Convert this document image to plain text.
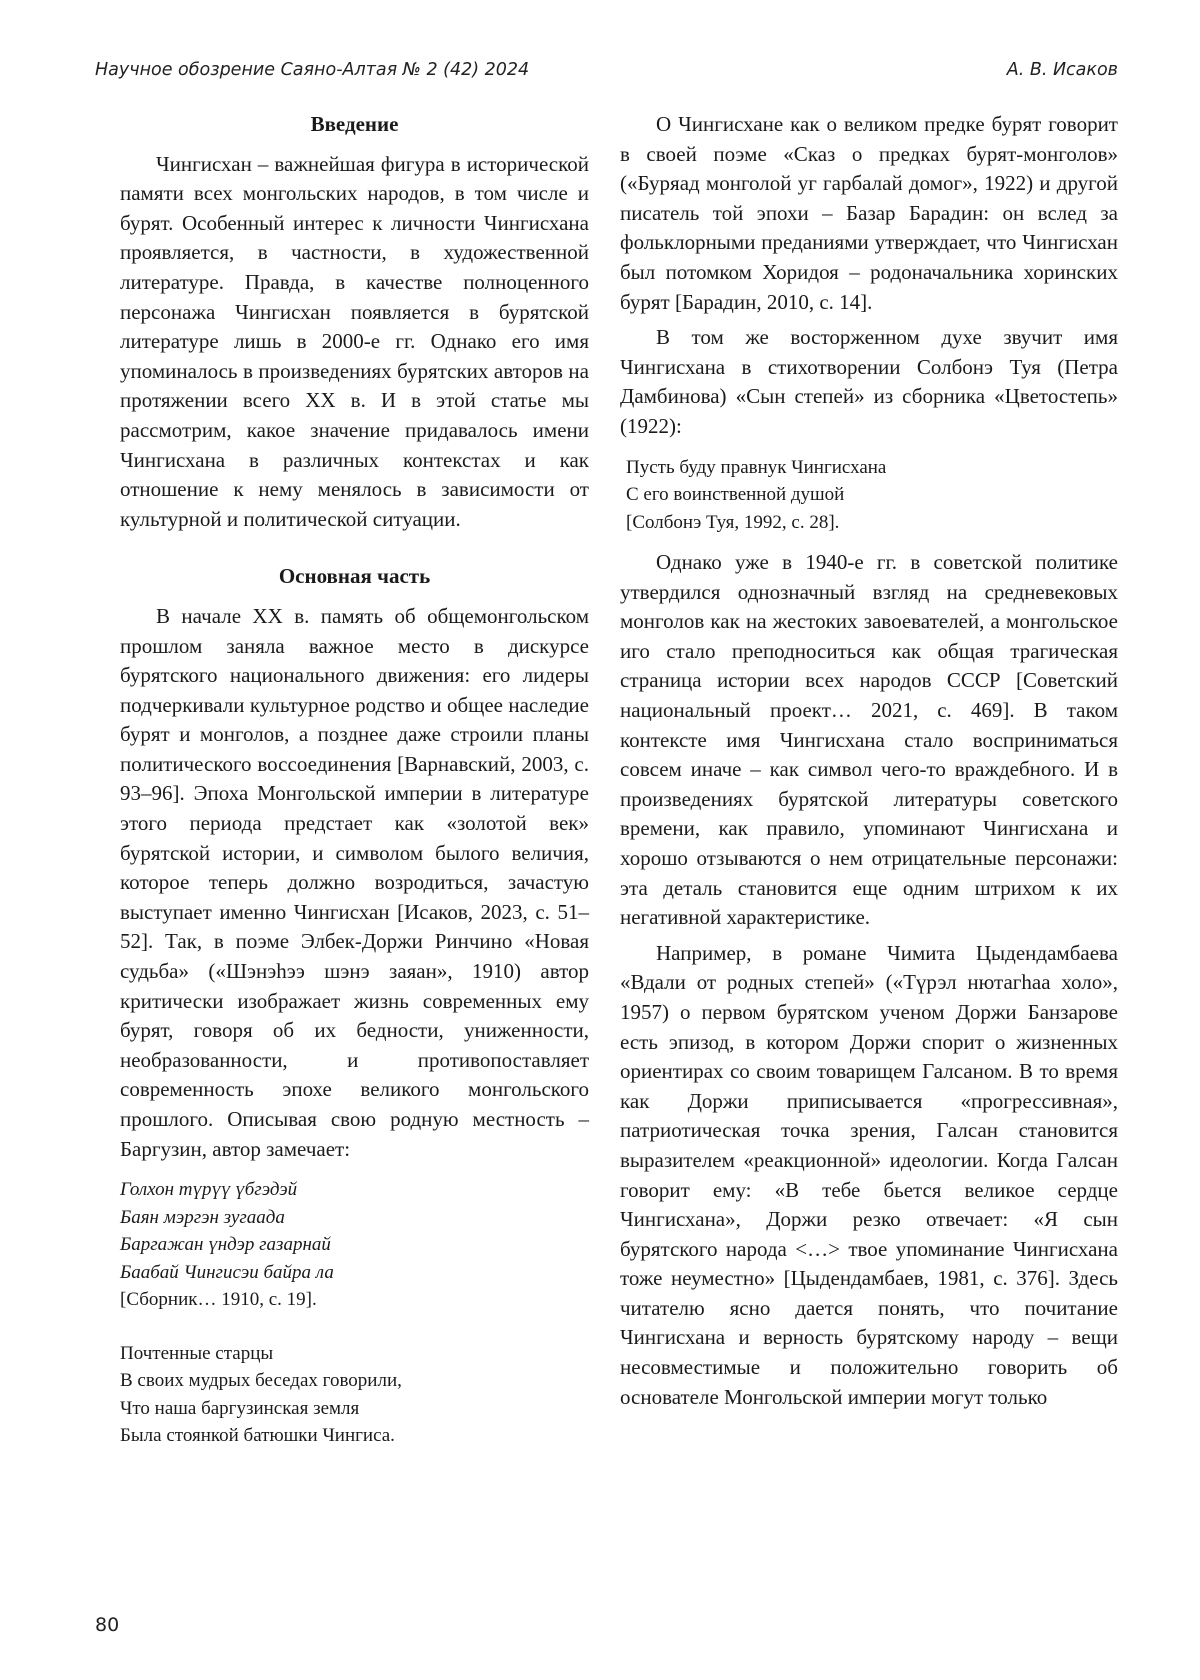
Научное обозрение Саяно-Алтая № 2 (42) 2024	А. В. Исаков
Введение

Чингисхан – важнейшая фигура в исторической памяти всех монгольских народов, в том числе и бурят. Особенный интерес к личности Чингисхана проявляется, в частности, в художественной литературе. Правда, в качестве полноценного персонажа Чингисхан появляется в бурятской литературе лишь в 2000-е гг. Однако его имя упоминалось в произведениях бурятских авторов на протяжении всего XX в. И в этой статье мы рассмотрим, какое значение придавалось имени Чингисхана в различных контекстах и как отношение к нему менялось в зависимости от культурной и политической ситуации.

Основная часть

В начале XX в. память об общемонгольском прошлом заняла важное место в дискурсе бурятского национального движения: его лидеры подчеркивали культурное родство и общее наследие бурят и монголов, а позднее даже строили планы политического воссоединения [Варнавский, 2003, с. 93–96]. Эпоха Монгольской империи в литературе этого периода предстает как «золотой век» бурятской истории, и символом былого величия, которое теперь должно возродиться, зачастую выступает именно Чингисхан [Исаков, 2023, с. 51–52]. Так, в поэме Элбек-Доржи Ринчино «Новая судьба» («Шэнэһээ шэнэ заяан», 1910) автор критически изображает жизнь современных ему бурят, говоря об их бедности, униженности, необразованности, и противопоставляет современность эпохе великого монгольского прошлого. Описывая свою родную местность – Баргузин, автор замечает:

Голхон түрүү үбгэдэй
Баян мэргэн зугаада
Баргажан үндэр газарнай
Баабай Чингисэи байра ла
[Сборник… 1910, с. 19].
Почтенные старцы
В своих мудрых беседах говорили,
Что наша баргузинская земля
Была стоянкой батюшки Чингиса.

О Чингисхане как о великом предке бурят говорит в своей поэме «Сказ о предках бурят-монголов» («Буряад монголой уг гарбалай домог», 1922) и другой писатель той эпохи – Базар Барадин: он вслед за фольклорными преданиями утверждает, что Чингисхан был потомком Хоридоя – родоначальника хоринских бурят [Барадин, 2010, с. 14].

В том же восторженном духе звучит имя Чингисхана в стихотворении Солбонэ Туя (Петра Дамбинова) «Сын степей» из сборника «Цветостепь» (1922):

Пусть буду правнук Чингисхана
С его воинственной душой
[Солбонэ Туя, 1992, с. 28].

Однако уже в 1940-е гг. в советской политике утвердился однозначный взгляд на средневековых монголов как на жестоких завоевателей, а монгольское иго стало преподноситься как общая трагическая страница истории всех народов СССР [Советский национальный проект… 2021, с. 469]. В таком контексте имя Чингисхана стало восприниматься совсем иначе – как символ чего-то враждебного. И в произведениях бурятской литературы советского времени, как правило, упоминают Чингисхана и хорошо отзываются о нем отрицательные персонажи: эта деталь становится еще одним штрихом к их негативной характеристике.

Например, в романе Чимита Цыдендамбаева «Вдали от родных степей» («Түрэл нютагһаа холо», 1957) о первом бурятском ученом Доржи Банзарове есть эпизод, в котором Доржи спорит о жизненных ориентирах со своим товарищем Галсаном. В то время как Доржи приписывается «прогрессивная», патриотическая точка зрения, Галсан становится выразителем «реакционной» идеологии. Когда Галсан говорит ему: «В тебе бьется великое сердце Чингисхана», Доржи резко отвечает: «Я сын бурятского народа <…> твое упоминание Чингисхана тоже неуместно» [Цыдендамбаев, 1981, с. 376]. Здесь читателю ясно дается понять, что почитание Чингисхана и верность бурятскому народу – вещи несовместимые и положительно говорить об основателе Монгольской империи могут только

80
